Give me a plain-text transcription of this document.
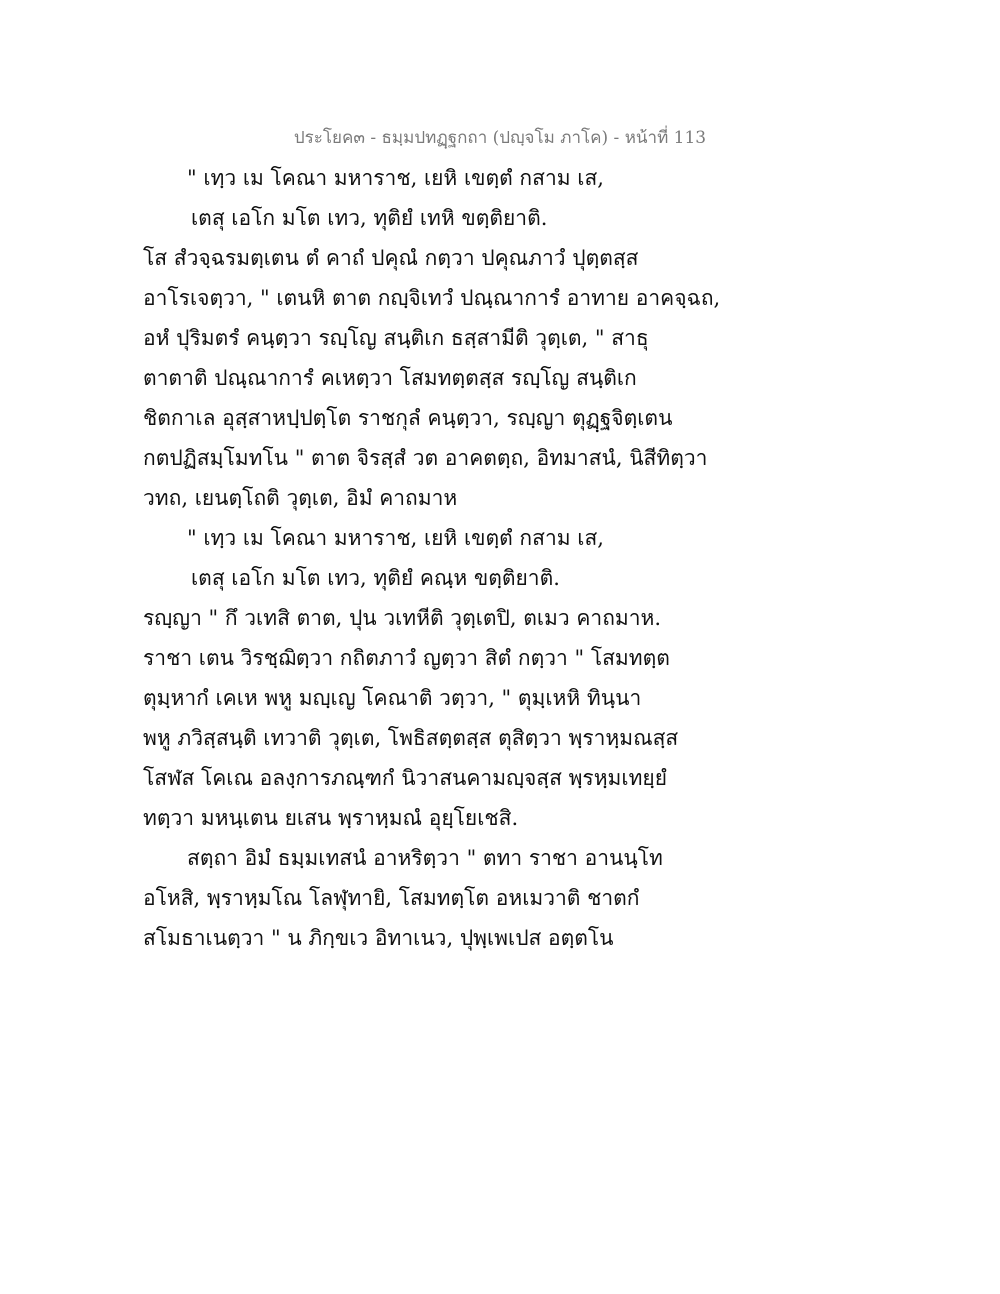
ประโยค๓ - ธมฺมปทฏฺฐกถา (ปญฺจโม ภาโค) - หน้าที่ 113
" เทฺว เม โคณา มหาราช, เยหิ เขตฺตํ กสาม เส,
เตสุ เอโก มโต เทว, ทุติยํ เทหิ ขตฺติยาติ.
โส สํวจฺฉรมตฺเตน ตํ คาถํ ปคุณํ กตฺวา ปคุณภาวํ ปุตฺตสฺส
อาโรเจตฺวา, " เตนหิ ตาต กญฺจิเทวํ ปณฺณาการํ อาทาย อาคจฺฉถ,
อหํ ปุริมตรํ คนฺตฺวา รญฺโญ สนฺติเก ธสฺสามีติ วุตฺเต, " สาธุ
ตาตาติ ปณฺณาการํ คเหตฺวา โสมทตฺตสฺส รญฺโญ สนฺติเก
ชิตกาเล อุสฺสาหปฺปตฺโต ราชกุลํ คนฺตฺวา, รญฺญา ตุฏฺฐจิตฺเตน
กตปฏิสมฺโมทโน " ตาต จิรสฺสํ วต อาคตตฺถ, อิทมาสนํ, นิสีทิตฺวา
วทถ, เยนตฺโถติ วุตฺเต, อิมํ คาถมาห
" เทฺว เม โคณา มหาราช, เยหิ เขตฺตํ กสาม เส,
เตสุ เอโก มโต เทว, ทุติยํ คณฺห ขตฺติยาติ.
รญฺญา " กึ วเทสิ ตาต, ปุน วเทหีติ วุตฺเตปิ, ตเมว คาถมาห.
ราชา เตน วิรชฺฌิตฺวา กถิตภาวํ ญตฺวา สิตํ กตฺวา " โสมทตฺต
ตุมฺหากํ เคเห พหู มญฺเญ โคณาติ วตฺวา, " ตุมฺเหหิ ทินฺนา
พหู ภวิสฺสนฺติ เทวาติ วุตฺเต, โพธิสตฺตสฺส ตุสิตฺวา พฺราหฺมณสฺส
โสฬส โคเณ อลงฺการภณฺฑกํ นิวาสนคามญฺจสฺส พฺรหฺมเทยฺยํ
ทตฺวา มหนฺเตน ยเสน พฺราหฺมณํ อุยฺโยเชสิ.
สตฺถา อิมํ ธมฺมเทสนํ อาหริตฺวา " ตทา ราชา อานนฺโท
อโหสิ, พฺราหฺมโณ โลฬุทายิ, โสมทตฺโต อหเมวาติ ชาตกํ
สโมธาเนตฺวา " น ภิกฺขเว อิทาเนว, ปุพฺเพเปส อตฺตโน
